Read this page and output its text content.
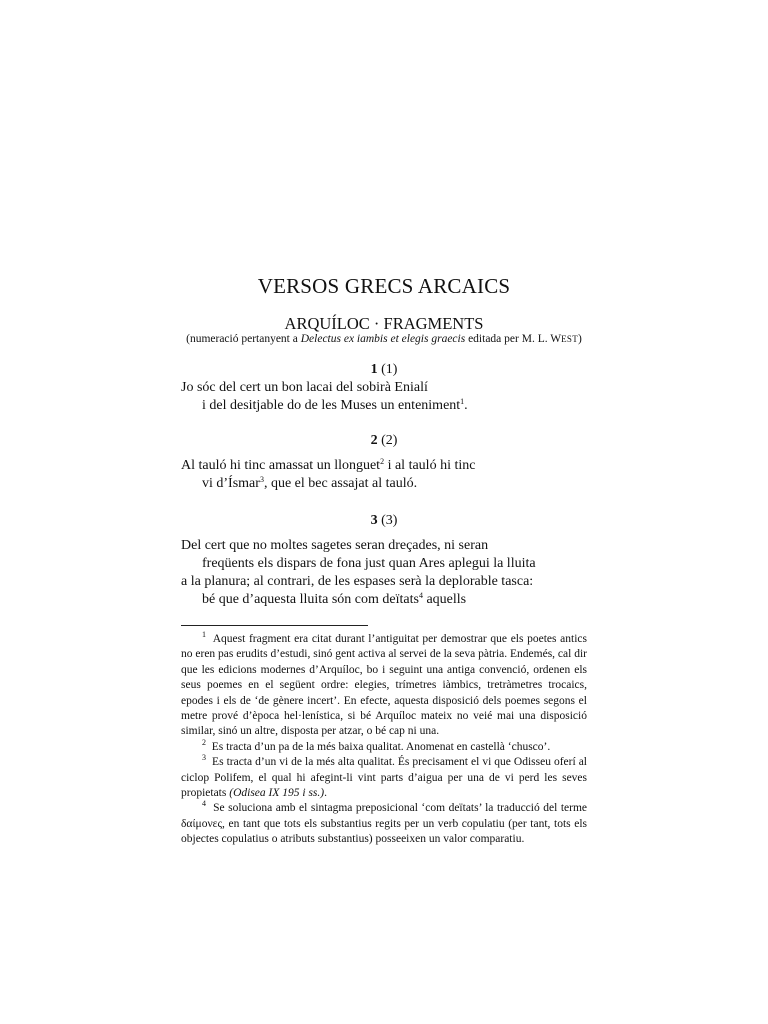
VERSOS GRECS ARCAICS
ARQUÍLOC · FRAGMENTS
(numeració pertanyent a Delectus ex iambis et elegis graecis editada per M. L. WEST)
1 (1)
Jo sóc del cert un bon lacai del sobirà Enialí
i del desitjable do de les Muses un enteniment$^1$.
2 (2)
Al tauló hi tinc amassat un llonguet$^2$ i al tauló hi tinc
vi d’Ísmar$^3$, que el bec assajat al tauló.
3 (3)
Del cert que no moltes sagetes seran dreçades, ni seran
freqüents els dispars de fona just quan Ares aplegui la lluita
a la planura; al contrari, de les espases serà la deplorable tasca:
bé que d’aquesta lluita són com deïtats$^4$ aquells

$^1$ Aquest fragment era citat durant l’antiguitat per demostrar que els poetes antics no eren pas erudits d’estudi, sinó gent activa al servei de la seva pàtria. Endemés, cal dir que les edicions modernes d’Arquíloc, bo i seguint una antiga convenció, ordenen els seus poemes en el següent ordre: elegies, trímetres iàmbics, tretràmetres trocaics, epodes i els de ‘de gènere incert’. En efecte, aquesta disposició dels poemes segons el metre prové d’època hel·lenística, si bé Arquíloc mateix no veié mai una disposició similar, sinó un altre, disposta per atzar, o bé cap ni una.

$^2$ Es tracta d’un pa de la més baixa qualitat. Anomenat en castellà ‘chusco’.

$^3$ Es tracta d’un vi de la més alta qualitat. És precisament el vi que Odisseu oferí al ciclop Polifem, el qual hi afegint-li vint parts d’aigua per una de vi perd les seves propietats (Odisea IX 195 i ss.).

$^4$ Se soluciona amb el sintagma preposicional ‘com deïtats’ la traducció del terme δαίμονες, en tant que tots els substantius regits per un verb copulatiu (per tant, tots els objectes copulatius o atributs substantius) posseeixen un valor comparatiu.
